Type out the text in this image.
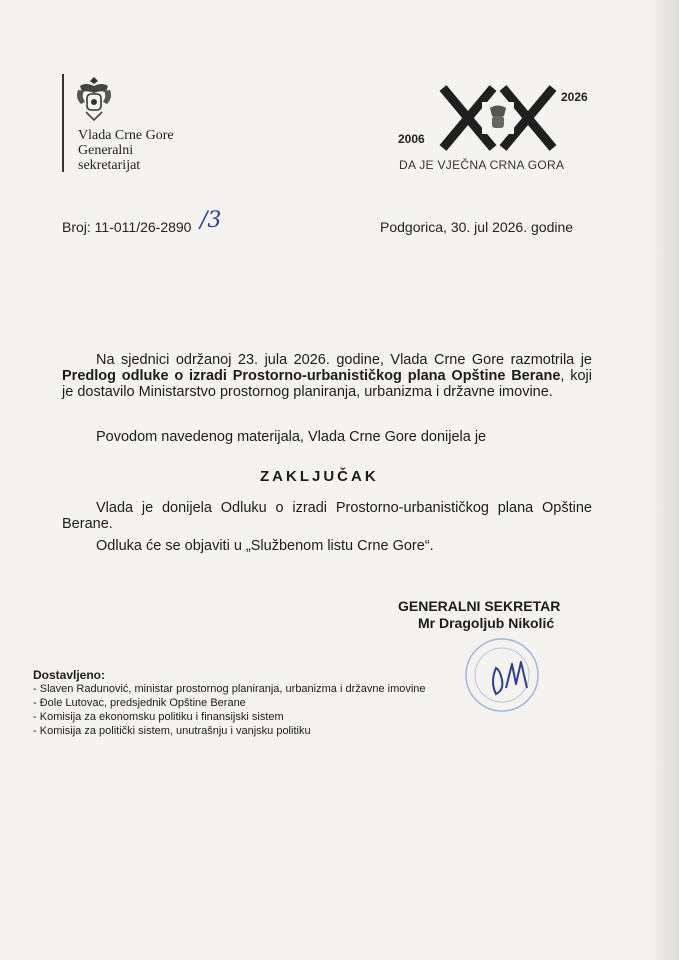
Vlada Crne Gore
Generalni
sekretarijat
2026
2006
DA JE VJEČNA CRNA GORA
Broj: 11-011/26-2890 /3	Podgorica, 30. jul 2026. godine
Na sjednici održanoj 23. jula 2026. godine, Vlada Crne Gore razmotrila je Predlog odluke o izradi Prostorno-urbanističkog plana Opštine Berane, koji je dostavilo Ministarstvo prostornog planiranja, urbanizma i državne imovine.
Povodom navedenog materijala, Vlada Crne Gore donijela je
ZAKLJUČAK
Vlada je donijela Odluku o izradi Prostorno-urbanističkog plana Opštine Berane.
Odluka će se objaviti u „Službenom listu Crne Gore“.
GENERALNI SEKRETAR
Mr Dragoljub Nikolić
Dostavljeno:
- Slaven Radunović, ministar prostornog planiranja, urbanizma i državne imovine
- Đole Lutovac, predsjednik Opštine Berane
- Komisija za ekonomsku politiku i finansijski sistem
- Komisija za politički sistem, unutrašnju i vanjsku politiku
